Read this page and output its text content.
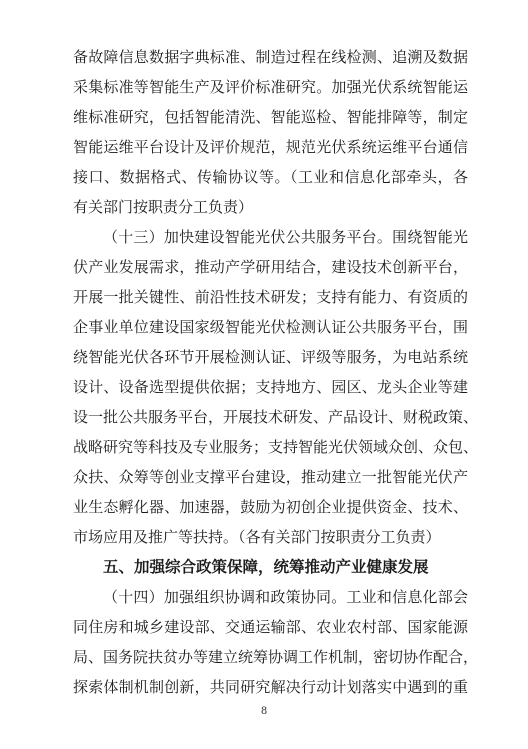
备故障信息数据字典标准、制造过程在线检测、追溯及数据
采集标准等智能生产及评价标准研究。加强光伏系统智能运
维标准研究，包括智能清洗、智能巡检、智能排障等，制定
智能运维平台设计及评价规范，规范光伏系统运维平台通信
接口、数据格式、传输协议等。（工业和信息化部牵头，各
有关部门按职责分工负责）
（十三）加快建设智能光伏公共服务平台。围绕智能光
伏产业发展需求，推动产学研用结合，建设技术创新平台，
开展一批关键性、前沿性技术研发；支持有能力、有资质的
企事业单位建设国家级智能光伏检测认证公共服务平台，围
绕智能光伏各环节开展检测认证、评级等服务，为电站系统
设计、设备选型提供依据；支持地方、园区、龙头企业等建
设一批公共服务平台，开展技术研发、产品设计、财税政策、
战略研究等科技及专业服务；支持智能光伏领域众创、众包、
众扶、众筹等创业支撑平台建设，推动建立一批智能光伏产
业生态孵化器、加速器，鼓励为初创企业提供资金、技术、
市场应用及推广等扶持。（各有关部门按职责分工负责）
五、加强综合政策保障，统筹推动产业健康发展
（十四）加强组织协调和政策协同。工业和信息化部会
同住房和城乡建设部、交通运输部、农业农村部、国家能源
局、国务院扶贫办等建立统筹协调工作机制，密切协作配合，
探索体制机制创新，共同研究解决行动计划落实中遇到的重
8
